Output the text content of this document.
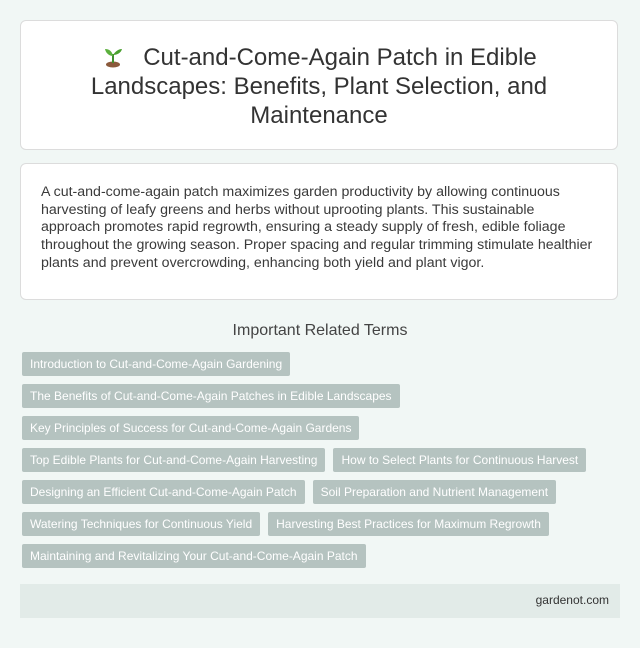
Cut-and-Come-Again Patch in Edible Landscapes: Benefits, Plant Selection, and Maintenance

A cut-and-come-again patch maximizes garden productivity by allowing continuous harvesting of leafy greens and herbs without uprooting plants. This sustainable approach promotes rapid regrowth, ensuring a steady supply of fresh, edible foliage throughout the growing season. Proper spacing and regular trimming stimulate healthier plants and prevent overcrowding, enhancing both yield and plant vigor.

Important Related Terms
Introduction to Cut-and-Come-Again Gardening
The Benefits of Cut-and-Come-Again Patches in Edible Landscapes
Key Principles of Success for Cut-and-Come-Again Gardens
Top Edible Plants for Cut-and-Come-Again Harvesting	How to Select Plants for Continuous Harvest
Designing an Efficient Cut-and-Come-Again Patch	Soil Preparation and Nutrient Management
Watering Techniques for Continuous Yield	Harvesting Best Practices for Maximum Regrowth
Maintaining and Revitalizing Your Cut-and-Come-Again Patch
gardenot.com
